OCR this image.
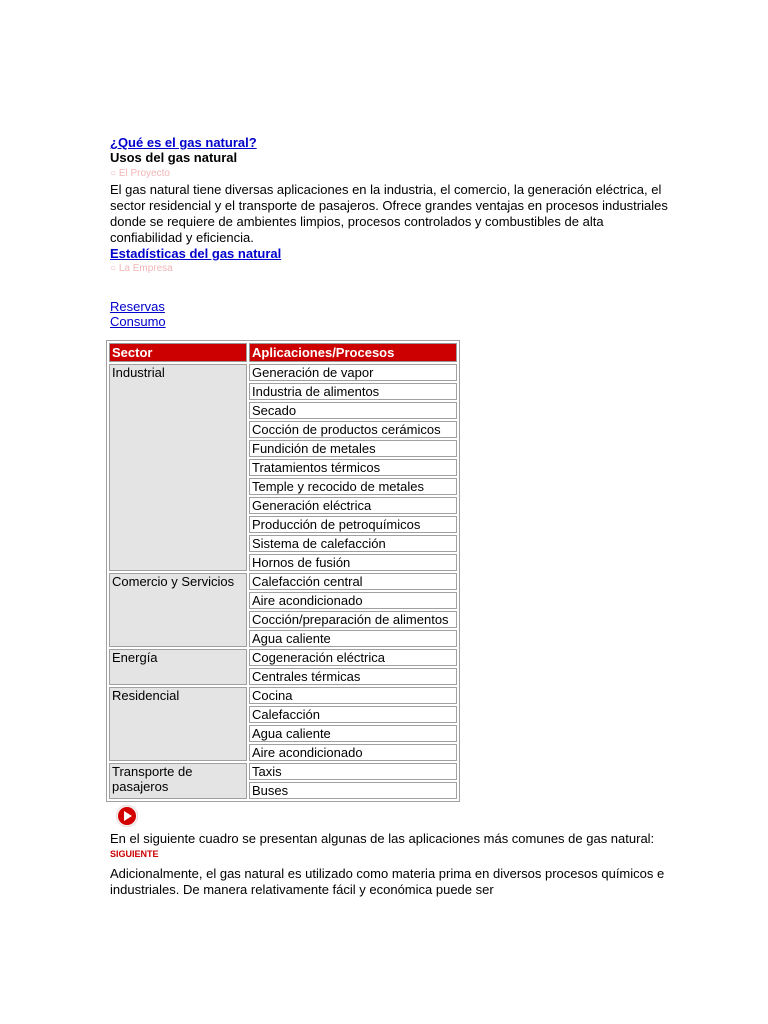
¿Qué es el gas natural?
Usos del gas natural
○ El Proyecto

El gas natural tiene diversas aplicaciones en la industria, el comercio, la generación eléctrica, el sector residencial y el transporte de pasajeros. Ofrece grandes ventajas en procesos industriales donde se requiere de ambientes limpios, procesos controlados y combustibles de alta confiabilidad y eficiencia.

Estadísticas del gas natural
○ La Empresa
Reservas
Consumo
Sector	Aplicaciones/Procesos
Industrial	Generación de vapor
	Industria de alimentos
	Secado
	Cocción de productos cerámicos
	Fundición de metales
	Tratamientos térmicos
	Temple y recocido de metales
	Generación eléctrica
	Producción de petroquímicos
	Sistema de calefacción
	Hornos de fusión
Comercio y Servicios	Calefacción central
	Aire acondicionado
	Cocción/preparación de alimentos
	Agua caliente
Energía	Cogeneración eléctrica
	Centrales térmicas
Residencial	Cocina
	Calefacción
	Agua caliente
	Aire acondicionado
Transporte de pasajeros	Taxis
	Buses

En el siguiente cuadro se presentan algunas de las aplicaciones más comunes de gas natural:

SIGUIENTE

Adicionalmente, el gas natural es utilizado como materia prima en diversos procesos químicos e industriales. De manera relativamente fácil y económica puede ser
